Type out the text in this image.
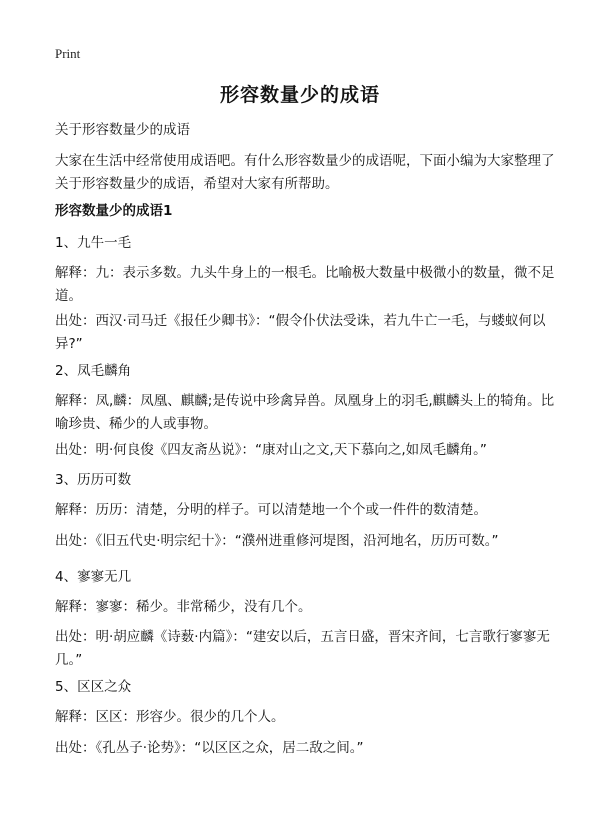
Print
形容数量少的成语
关于形容数量少的成语
大家在生活中经常使用成语吧。有什么形容数量少的成语呢，下面小编为大家整理了关于形容数量少的成语，希望对大家有所帮助。
形容数量少的成语1
1、九牛一毛
解释：九：表示多数。九头牛身上的一根毛。比喻极大数量中极微小的数量，微不足道。
出处：西汉·司马迁《报任少卿书》：“假令仆伏法受诛，若九牛亡一毛，与蝼蚁何以异?”
2、凤毛麟角
解释：凤,麟：凤凰、麒麟;是传说中珍禽异兽。凤凰身上的羽毛,麒麟头上的犄角。比喻珍贵、稀少的人或事物。
出处：明·何良俊《四友斋丛说》：“康对山之文,天下慕向之,如凤毛麟角。”
3、历历可数
解释：历历：清楚，分明的样子。可以清楚地一个个或一件件的数清楚。
出处：《旧五代史·明宗纪十》：“濮州进重修河堤图，沿河地名，历历可数。”
4、寥寥无几
解释：寥寥：稀少。非常稀少，没有几个。
出处：明·胡应麟《诗薮·内篇》：“建安以后，五言日盛，晋宋齐间，七言歌行寥寥无几。”
5、区区之众
解释：区区：形容少。很少的几个人。
出处：《孔丛子·论势》：“以区区之众，居二敌之间。”
